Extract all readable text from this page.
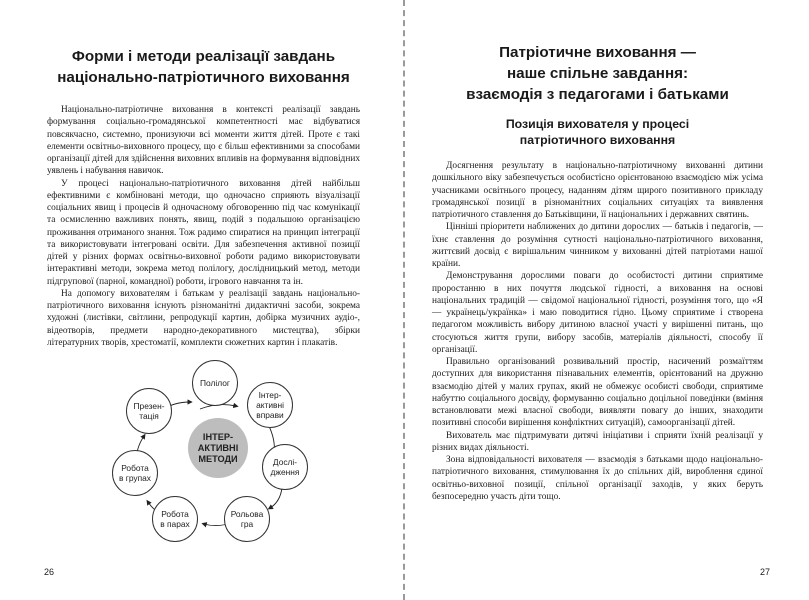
Форми і методи реалізації завдань
національно-патріотичного виховання

Національно-патріотичне виховання в контексті реалізації завдань формування соціально-громадянської компетентності має відбуватися повсякчасно, системно, пронизуючи всі моменти життя дітей. Проте є такі елементи освітньо-виховного процесу, що є більш ефективними за способами організації дітей для здійснення виховних впливів на формування відповідних уявлень і набування навичок.

У процесі національно-патріотичного виховання дітей найбільш ефективними є комбіновані методи, що одночасно сприяють візуалізації соціальних явищ і процесів й одночасному обговоренню під час комунікації та осмисленню важливих понять, явищ, подій з подальшою організацією проживання отриманого знання. Тож радимо спиратися на принцип інтеграції та використовувати інтегровані освіти. Для забезпечення активної позиції дітей у різних формах освітньо-виховної роботи радимо використовувати інтерактивні методи, зокрема метод полілогу, дослідницький метод, методи підгрупової (парної, командної) роботи, ігрового навчання та ін.

На допомогу вихователям і батькам у реалізації завдань національно-патріотичного виховання існують різноманітні дидактичні засоби, зокрема художні (листівки, світлини, репродукції картин, добірка музичних аудіо-, відеотворів, предмети народно-декоративного мистецтва), збірки літературних творів, хрестоматії, комплекти сюжетних картин і плакатів.

ІНТЕР-
АКТИВНІ
МЕТОДИ
Полілог
Інтер-
активні
вправи
Дослі-
дження
Рольова
гра
Робота
в парах
Робота
в групах
Презен-
тація
26
Патріотичне виховання —
наше спільне завдання:
взаємодія з педагогами і батьками
Позиція вихователя у процесі
патріотичного виховання

Досягнення результату в національно-патріотичному вихованні дитини дошкільного віку забезпечується особистісно орієнтованою взаємодією між усіма учасниками освітнього процесу, наданням дітям щирого позитивного прикладу громадянської позиції в різноманітних соціальних ситуаціях та виявлення патріотичного ставлення до Батьківщини, її національних і державних святинь.

Цінніші пріоритети наближених до дитини дорослих — батьків і педагогів, — їхнє ставлення до розуміння сутності національно-патріотичного виховання, життєвий досвід є вирішальним чинником у вихованні дітей патріотами нашої країни.

Демонстрування дорослими поваги до особистості дитини сприятиме проростанню в них почуття людської гідності, а виховання на основі національних традицій — свідомої національної гідності, розуміння того, що «Я — українець/українка» і маю поводитися гідно. Цьому сприятиме і створена педагогом можливість вибору дитиною власної участі у вирішенні питань, що стосуються життя групи, вибору засобів, матеріалів діяльності, способу її організації.

Правильно організований розвивальний простір, насичений розмаїттям доступних для використання пізнавальних елементів, орієнтований на дружню взаємодію дітей у малих групах, який не обмежує особисті свободи, сприятиме набуттю соціального досвіду, формуванню соціально доцільної поведінки (вміння встановлювати межі власної свободи, виявляти повагу до інших, знаходити позитивні способи вирішення конфліктних ситуацій), самоорганізації дітей.

Вихователь має підтримувати дитячі ініціативи і сприяти їхній реалізації у різних видах діяльності.

Зона відповідальності вихователя — взаємодія з батьками щодо національно-патріотичного виховання, стимулювання їх до спільних дій, вироблення єдиної освітньо-виховної позиції, спільної організації заходів, у яких беруть безпосередню участь діти тощо.

27
